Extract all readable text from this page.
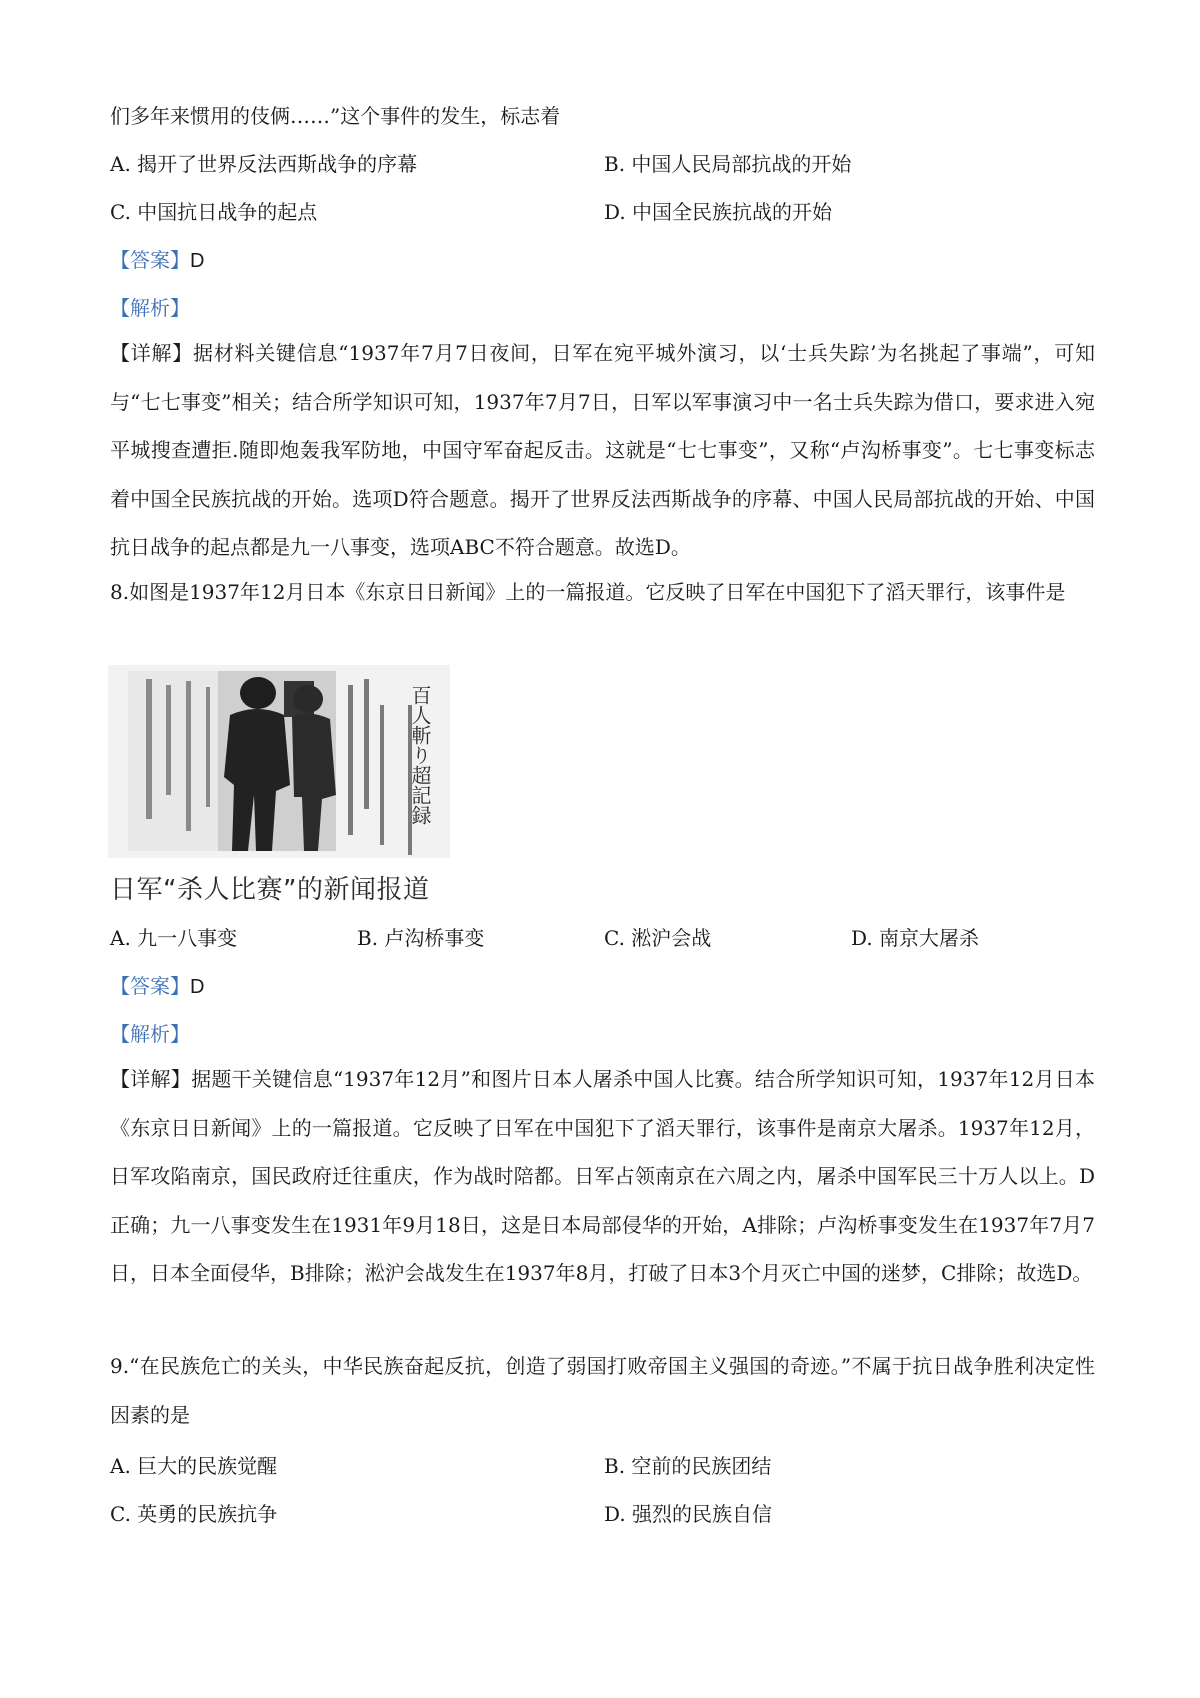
们多年来惯用的伎俩……”这个事件的发生，标志着
A. 揭开了世界反法西斯战争的序幕	B. 中国人民局部抗战的开始
C. 中国抗日战争的起点	D. 中国全民族抗战的开始
【答案】D
【解析】
【详解】据材料关键信息“1937年7月7日夜间，日军在宛平城外演习，以‘士兵失踪’为名挑起了事端”，可知与“七七事变”相关；结合所学知识可知，1937年7月7日，日军以军事演习中一名士兵失踪为借口，要求进入宛平城搜查遭拒.随即炮轰我军防地，中国守军奋起反击。这就是“七七事变”，又称“卢沟桥事变”。七七事变标志着中国全民族抗战的开始。选项D符合题意。揭开了世界反法西斯战争的序幕、中国人民局部抗战的开始、中国抗日战争的起点都是九一八事变，选项ABC不符合题意。故选D。
8.如图是1937年12月日本《东京日日新闻》上的一篇报道。它反映了日军在中国犯下了滔天罪行，该事件是
百人斬り超記録
日军“杀人比赛”的新闻报道
A. 九一八事变	B. 卢沟桥事变	C. 淞沪会战	D. 南京大屠杀
【答案】D
【解析】
【详解】据题干关键信息“1937年12月”和图片日本人屠杀中国人比赛。结合所学知识可知，1937年12月日本《东京日日新闻》上的一篇报道。它反映了日军在中国犯下了滔天罪行，该事件是南京大屠杀。1937年12月，日军攻陷南京，国民政府迁往重庆，作为战时陪都。日军占领南京在六周之内，屠杀中国军民三十万人以上。D正确；九一八事变发生在1931年9月18日，这是日本局部侵华的开始，A排除；卢沟桥事变发生在1937年7月7日，日本全面侵华，B排除；淞沪会战发生在1937年8月，打破了日本3个月灭亡中国的迷梦，C排除；故选D。
9.“在民族危亡的关头，中华民族奋起反抗，创造了弱国打败帝国主义强国的奇迹。”不属于抗日战争胜利决定性因素的是
A. 巨大的民族觉醒	B. 空前的民族团结
C. 英勇的民族抗争	D. 强烈的民族自信
